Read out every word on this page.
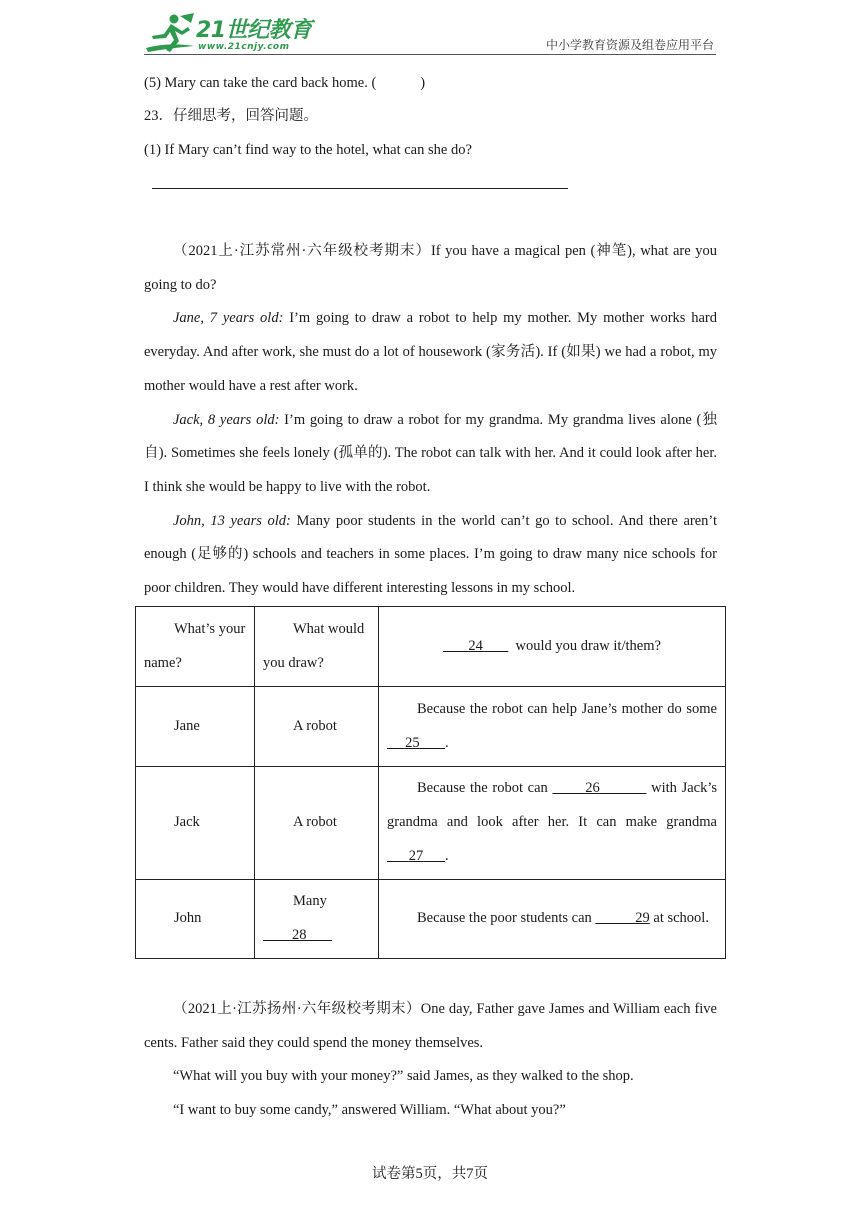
21世纪教育
www.21cnjy.com	中小学教育资源及组卷应用平台
(5) Mary can take the card back home. (	)
23．仔细思考，回答问题。
(1) If Mary can’t find way to the hotel, what can she do?

（2021上·江苏常州·六年级校考期末）If you have a magical pen (神笔), what are you going to do?

Jane, 7 years old: I’m going to draw a robot to help my mother. My mother works hard everyday. And after work, she must do a lot of housework (家务活). If (如果) we had a robot, my mother would have a rest after work.

Jack, 8 years old: I’m going to draw a robot for my grandma. My grandma lives alone (独自). Sometimes she feels lonely (孤单的). The robot can talk with her. And it could look after her. I think she would be happy to live with the robot.

John, 13 years old: Many poor students in the world can’t go to school. And there aren’t enough (足够的) schools and teachers in some places. I’m going to draw many nice schools for poor children. They would have different interesting lessons in my school.

What’s your name?	What would you draw?	24 would you draw it/them?
Jane	A robot	Because the robot can help Jane’s mother do some      25 .
Jack	A robot	Because the robot can 26 with Jack’s grandma and look after her. It can make grandma       27 .
John	Many         28	Because the poor students can 29 at school.

（2021上·江苏扬州·六年级校考期末）One day, Father gave James and William each five cents. Father said they could spend the money themselves.

“What will you buy with your money?” said James, as they walked to the shop.

“I want to buy some candy,” answered William. “What about you?”

试卷第5页，共7页
